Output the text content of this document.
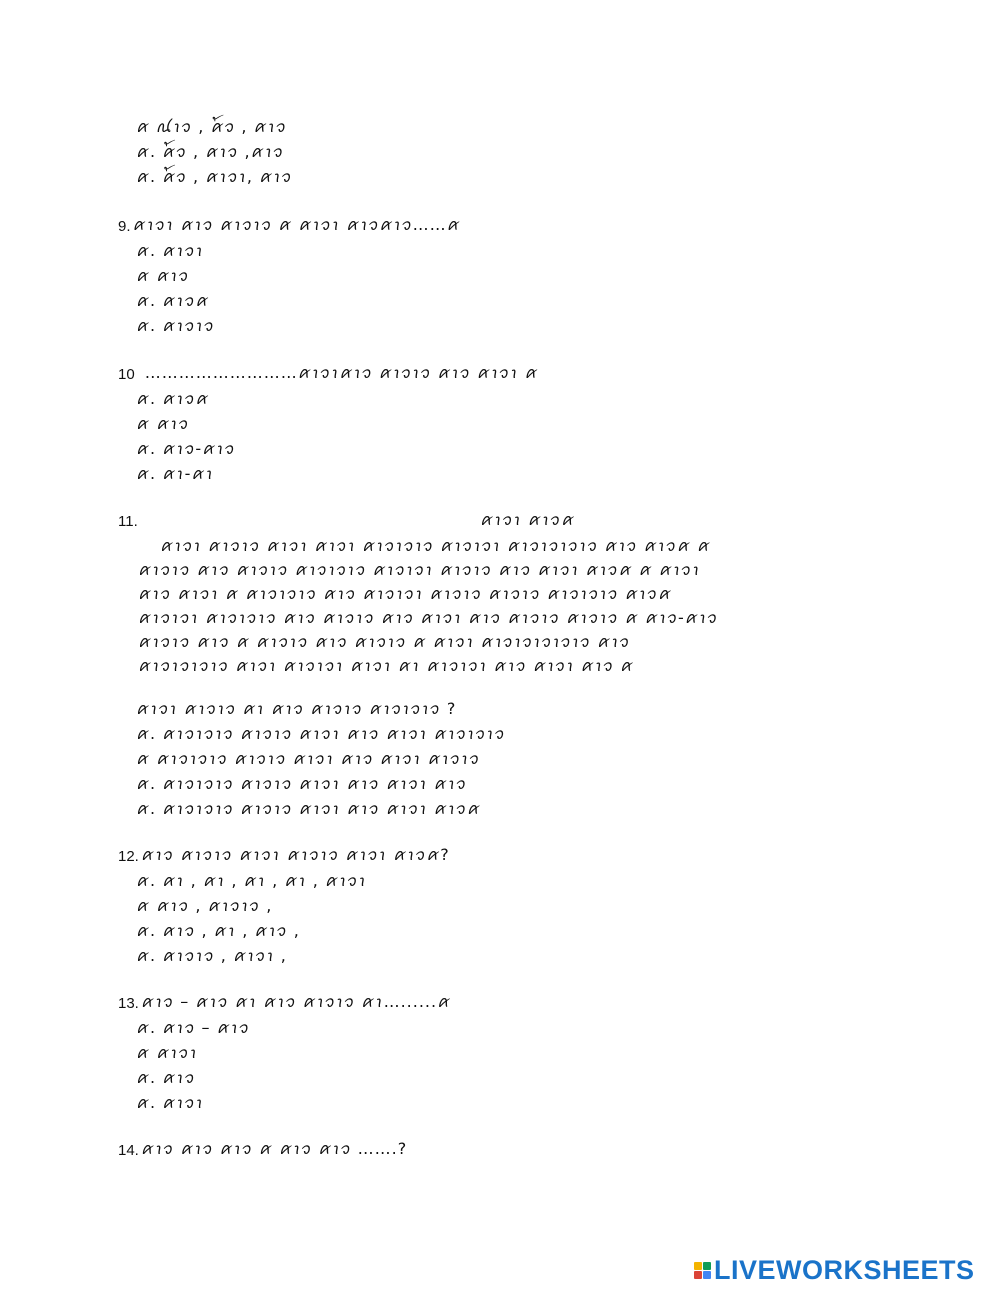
ꪁ ꪄꪱꪫ , ꪁꪳꪫ , ꪁꪱꪫ
ꪁ. ꪁꪳꪫ , ꪁꪱꪫ ,ꪁꪱꪫ
ꪁ. ꪁꪳꪫ , ꪁꪱꪫꪱ, ꪁꪱꪫ
9. ꪁꪱꪫꪱ ꪁꪱꪫ ꪁꪱꪫꪱꪫ ꪁ ꪁꪱꪫꪱ ꪁꪱꪫꪁꪱꪫ……ꪁ
ꪁ. ꪁꪱꪫꪱ
ꪁ ꪁꪱꪫ
ꪁ. ꪁꪱꪫꪁ
ꪁ. ꪁꪱꪫꪱꪫ
10 ………………………ꪁꪱꪫꪱꪁꪱꪫ ꪁꪱꪫꪱꪫ ꪁꪱꪫ ꪁꪱꪫꪱ ꪁ
ꪁ. ꪁꪱꪫꪁ
ꪁ ꪁꪱꪫ
ꪁ. ꪁꪱꪫ-ꪁꪱꪫ
ꪁ. ꪁꪱ-ꪁꪱ
11.	ꪁꪱꪫꪱ ꪁꪱꪫꪁ
ꪁꪱꪫꪱ ꪁꪱꪫꪱꪫ ꪁꪱꪫꪱ ꪁꪱꪫꪱ ꪁꪱꪫꪱꪫꪱꪫ ꪁꪱꪫꪱꪫꪱ ꪁꪱꪫꪱꪫꪱꪫꪱꪫ ꪁꪱꪫ ꪁꪱꪫꪁ ꪁ
ꪁꪱꪫꪱꪫ ꪁꪱꪫ ꪁꪱꪫꪱꪫ ꪁꪱꪫꪱꪫꪱꪫ ꪁꪱꪫꪱꪫꪱ ꪁꪱꪫꪱꪫ ꪁꪱꪫ ꪁꪱꪫꪱ ꪁꪱꪫꪁ ꪁ ꪁꪱꪫꪱ
ꪁꪱꪫ ꪁꪱꪫꪱ ꪁ ꪁꪱꪫꪱꪫꪱꪫ ꪁꪱꪫ ꪁꪱꪫꪱꪫꪱ ꪁꪱꪫꪱꪫ ꪁꪱꪫꪱꪫ ꪁꪱꪫꪱꪫꪱꪫ ꪁꪱꪫꪁ
ꪁꪱꪫꪱꪫꪱ ꪁꪱꪫꪱꪫꪱꪫ ꪁꪱꪫ ꪁꪱꪫꪱꪫ ꪁꪱꪫ ꪁꪱꪫꪱ ꪁꪱꪫ ꪁꪱꪫꪱꪫ ꪁꪱꪫꪱꪫ ꪁ ꪁꪱꪫ-ꪁꪱꪫ
ꪁꪱꪫꪱꪫ ꪁꪱꪫ ꪁ ꪁꪱꪫꪱꪫ ꪁꪱꪫ ꪁꪱꪫꪱꪫ ꪁ ꪁꪱꪫꪱ ꪁꪱꪫꪱꪫꪱꪫꪱꪫꪱꪫ ꪁꪱꪫ
ꪁꪱꪫꪱꪫꪱꪫꪱꪫ ꪁꪱꪫꪱ ꪁꪱꪫꪱꪫꪱ ꪁꪱꪫꪱ ꪁꪱ ꪁꪱꪫꪱꪫꪱ ꪁꪱꪫ ꪁꪱꪫꪱ ꪁꪱꪫ ꪁ
ꪁꪱꪫꪱ ꪁꪱꪫꪱꪫ ꪁꪱ ꪁꪱꪫ ꪁꪱꪫꪱꪫ ꪁꪱꪫꪱꪫꪱꪫ ?
ꪁ. ꪁꪱꪫꪱꪫꪱꪫ ꪁꪱꪫꪱꪫ ꪁꪱꪫꪱ ꪁꪱꪫ ꪁꪱꪫꪱ ꪁꪱꪫꪱꪫꪱꪫ
ꪁ ꪁꪱꪫꪱꪫꪱꪫ ꪁꪱꪫꪱꪫ ꪁꪱꪫꪱ ꪁꪱꪫ ꪁꪱꪫꪱ ꪁꪱꪫꪱꪫ
ꪁ. ꪁꪱꪫꪱꪫꪱꪫ ꪁꪱꪫꪱꪫ ꪁꪱꪫꪱ ꪁꪱꪫ ꪁꪱꪫꪱ ꪁꪱꪫ
ꪁ. ꪁꪱꪫꪱꪫꪱꪫ ꪁꪱꪫꪱꪫ ꪁꪱꪫꪱ ꪁꪱꪫ ꪁꪱꪫꪱ ꪁꪱꪫꪁ
12. ꪁꪱꪫ ꪁꪱꪫꪱꪫ ꪁꪱꪫꪱ ꪁꪱꪫꪱꪫ ꪁꪱꪫꪱ ꪁꪱꪫꪁ?
ꪁ. ꪁꪱ , ꪁꪱ , ꪁꪱ , ꪁꪱ , ꪁꪱꪫꪱ
ꪁ ꪁꪱꪫ , ꪁꪱꪫꪱꪫ ,
ꪁ. ꪁꪱꪫ , ꪁꪱ , ꪁꪱꪫ ,
ꪁ. ꪁꪱꪫꪱꪫ , ꪁꪱꪫꪱ ,
13. ꪁꪱꪫ – ꪁꪱꪫ ꪁꪱ ꪁꪱꪫ ꪁꪱꪫꪱꪫ ꪁꪱ…......ꪁ
ꪁ. ꪁꪱꪫ – ꪁꪱꪫ
ꪁ ꪁꪱꪫꪱ
ꪁ. ꪁꪱꪫ
ꪁ. ꪁꪱꪫꪱ
14. ꪁꪱꪫ ꪁꪱꪫ ꪁꪱꪫ ꪁ ꪁꪱꪫ ꪁꪱꪫ …….?
LIVEWORKSHEETS
